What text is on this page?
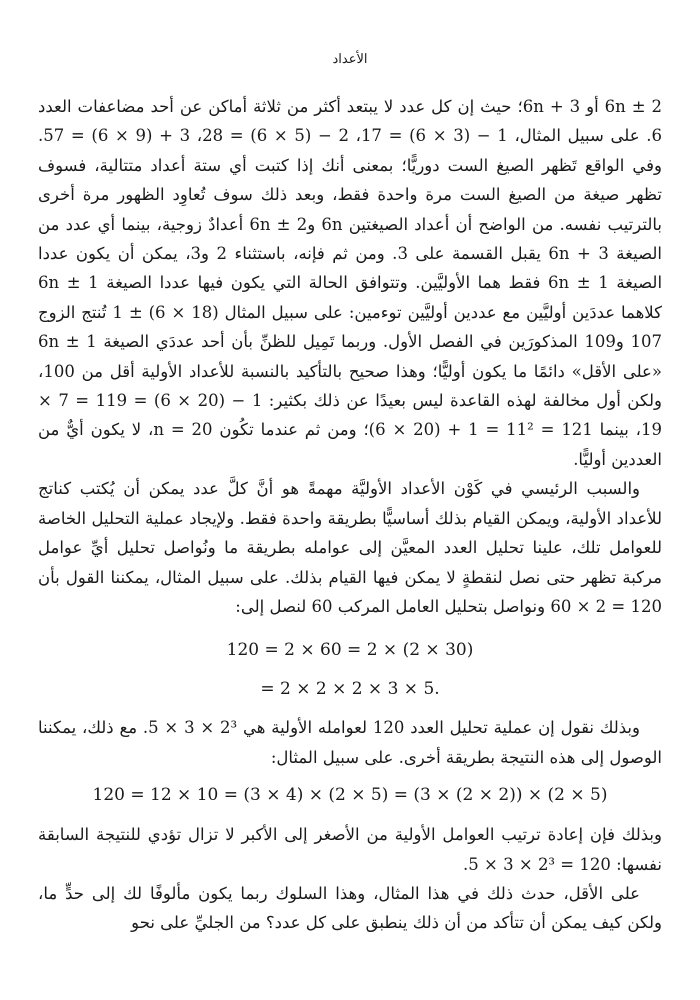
الأعداد

6n ± 2 أو 6n + 3؛ حيث إن كل عدد لا يبتعد أكثر من ثلاثة أماكن عن أحد مضاعفات العدد 6. على سبيل المثال، 1 − (3 × 6) = 17، 2 − (5 × 6) = 28، 3 + (9 × 6) = 57. وفي الواقع تَظهر الصيغ الست دوريًّا؛ بمعنى أنك إذا كتبت أي ستة أعداد متتالية، فسوف تظهر صيغة من الصيغ الست مرة واحدة فقط، وبعد ذلك سوف تُعاوِد الظهور مرة أخرى بالترتيب نفسه. من الواضح أن أعداد الصيغتين 6n و6n ± 2 أعدادٌ زوجية، بينما أي عدد من الصيغة 6n + 3 يقبل القسمة على 3. ومن ثم فإنه، باستثناء 2 و3، يمكن أن يكون عددا الصيغة 6n ± 1 فقط هما الأوليَّين. وتتوافق الحالة التي يكون فيها عددا الصيغة 6n ± 1 كلاهما عددَين أوليَّين مع عددين أوليَّين توءمين: على سبيل المثال (18 × 6) ± 1 تُنتج الزوج 107 و109 المذكورَين في الفصل الأول. وربما تَمِيل للظنِّ بأن أحد عددَي الصيغة 6n ± 1 «على الأقل» دائمًا ما يكون أوليًّا؛ وهذا صحيح بالتأكيد بالنسبة للأعداد الأولية أقل من 100، ولكن أول مخالفة لهذه القاعدة ليس بعيدًا عن ذلك بكثير: 1 − (20 × 6) = 119 = 7 × 19، بينما 121 = 11² = 1 + (20 × 6)؛ ومن ثم عندما تكُون n = 20، لا يكون أيٌّ من العددين أوليًّا.

والسبب الرئيسي في كَوْن الأعداد الأوليَّة مهمةً هو أنَّ كلَّ عدد يمكن أن يُكتب كناتج للأعداد الأولية، ويمكن القيام بذلك أساسيًّا بطريقة واحدة فقط. ولإيجاد عملية التحليل الخاصة للعوامل تلك، علينا تحليل العدد المعيَّن إلى عوامله بطريقة ما ونُواصل تحليل أيِّ عوامل مركبة تظهر حتى نصل لنقطةٍ لا يمكن فيها القيام بذلك. على سبيل المثال، يمكننا القول بأن 120 = 2 × 60 ونواصل بتحليل العامل المركب 60 لنصل إلى:

120 = 2 × 60 = 2 × (2 × 30)
= 2 × 2 × 2 × 3 × 5.

وبذلك نقول إن عملية تحليل العدد 120 لعوامله الأولية هي 2³ × 3 × 5. مع ذلك، يمكننا الوصول إلى هذه النتيجة بطريقة أخرى. على سبيل المثال:

120 = 12 × 10 = (3 × 4) × (2 × 5) = (3 × (2 × 2)) × (2 × 5)

وبذلك فإن إعادة ترتيب العوامل الأولية من الأصغر إلى الأكبر لا تزال تؤدي للنتيجة السابقة نفسها: 120 = 2³ × 3 × 5.

على الأقل، حدث ذلك في هذا المثال، وهذا السلوك ربما يكون مألوفًا لك إلى حدٍّ ما، ولكن كيف يمكن أن تتأكد من أن ذلك ينطبق على كل عدد؟ من الجليِّ على نحو
